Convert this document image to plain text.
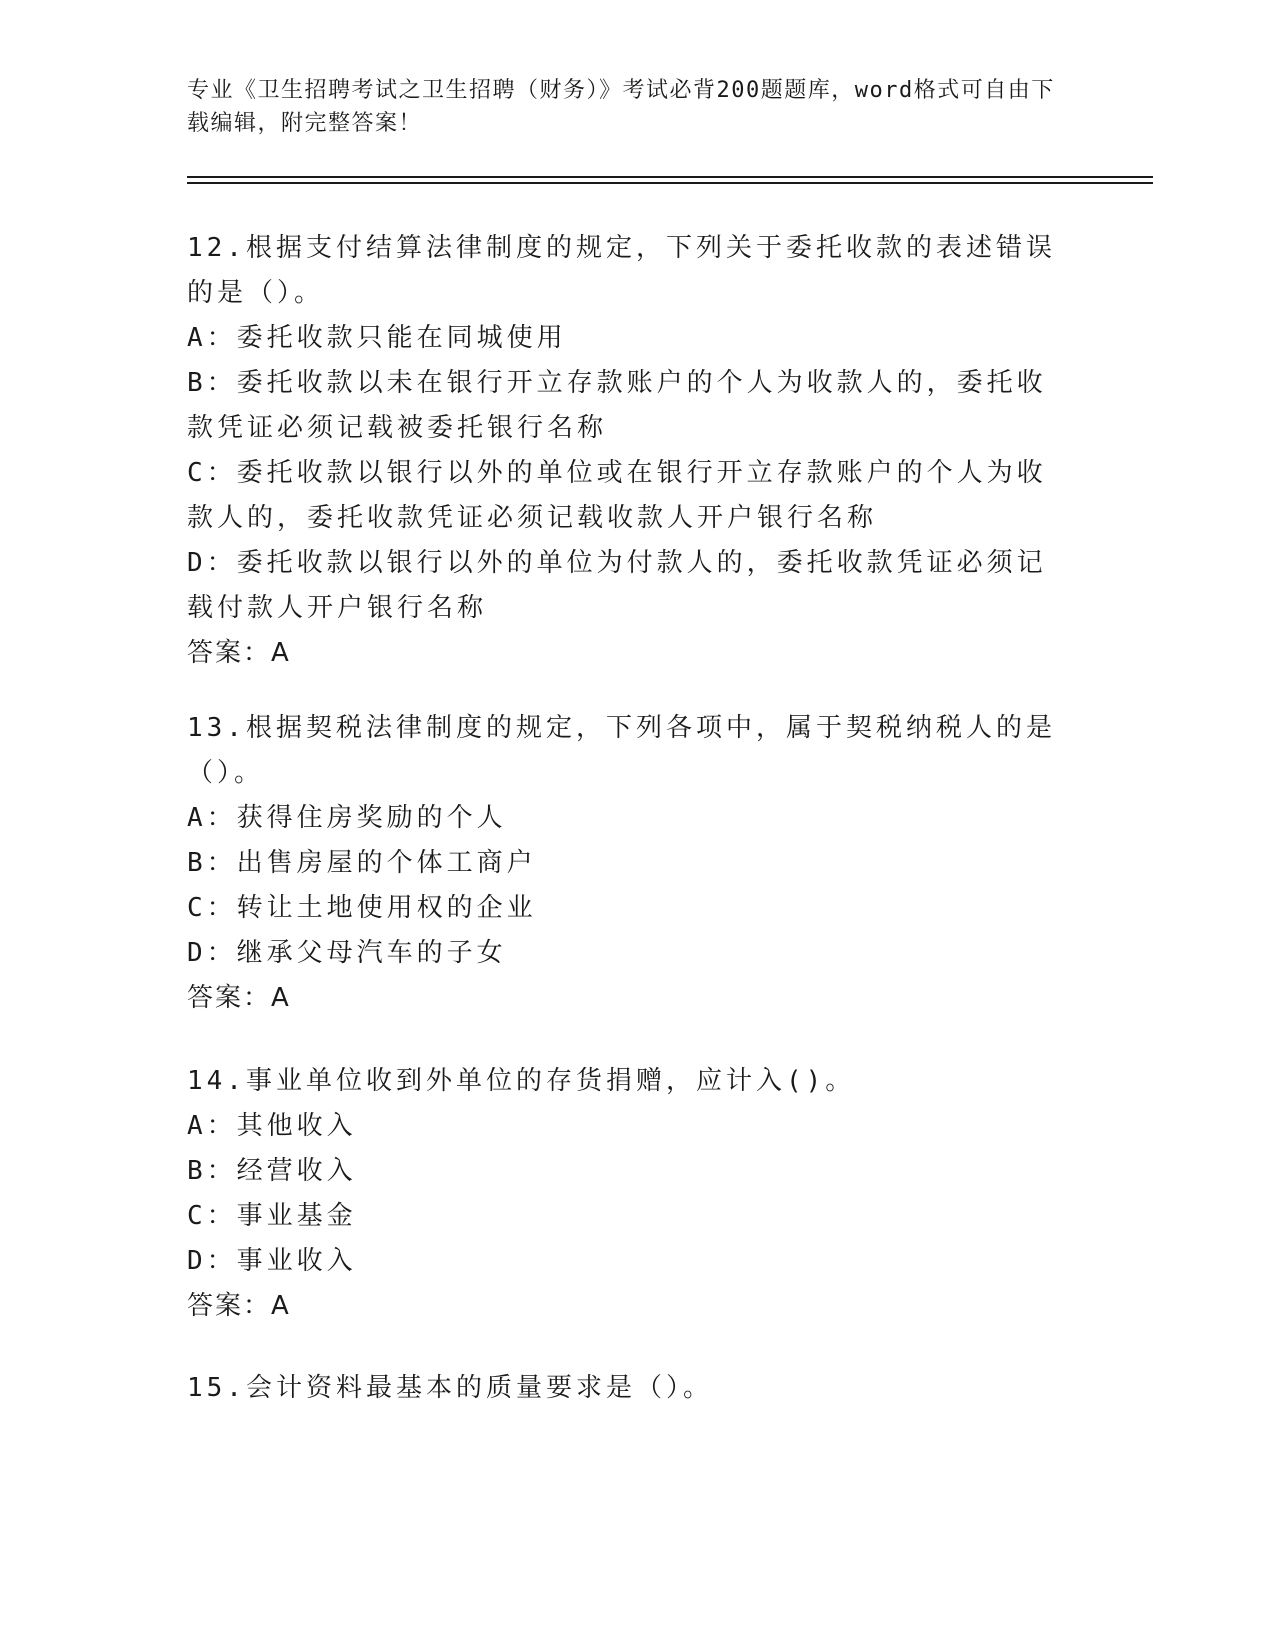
专业《卫生招聘考试之卫生招聘（财务）》考试必背200题题库，word格式可自由下载编辑，附完整答案！
12.根据支付结算法律制度的规定，下列关于委托收款的表述错误的是（）。
A：委托收款只能在同城使用
B：委托收款以未在银行开立存款账户的个人为收款人的，委托收款凭证必须记载被委托银行名称
C：委托收款以银行以外的单位或在银行开立存款账户的个人为收款人的，委托收款凭证必须记载收款人开户银行名称
D：委托收款以银行以外的单位为付款人的，委托收款凭证必须记载付款人开户银行名称
答案：A
13.根据契税法律制度的规定，下列各项中，属于契税纳税人的是（）。
A：获得住房奖励的个人
B：出售房屋的个体工商户
C：转让土地使用权的企业
D：继承父母汽车的子女
答案：A
14.事业单位收到外单位的存货捐赠，应计入()。
A：其他收入
B：经营收入
C：事业基金
D：事业收入
答案：A
15.会计资料最基本的质量要求是（）。
